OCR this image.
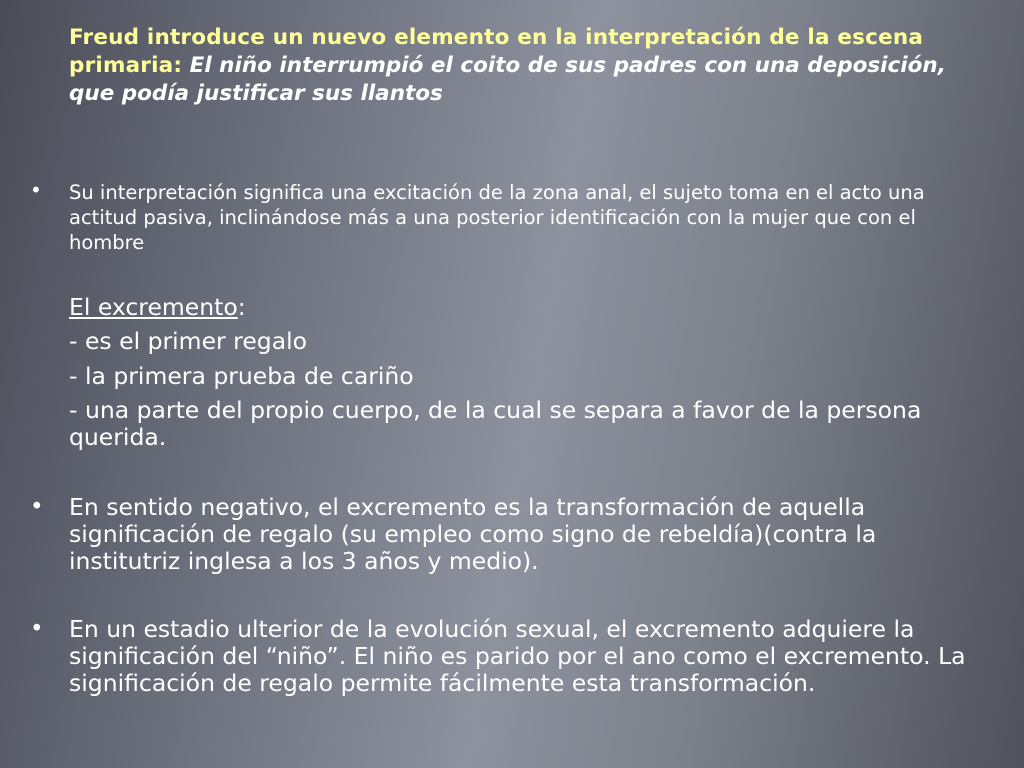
Freud introduce un nuevo elemento en la interpretación de la escena primaria: El niño interrumpió el coito de sus padres con una deposición, que podía justificar sus llantos

• Su interpretación significa una excitación de la zona anal, el sujeto toma en el acto una actitud pasiva, inclinándose más a una posterior identificación con la mujer que con el hombre

El excremento:

- es el primer regalo

- la primera prueba de cariño

- una parte del propio cuerpo, de la cual se separa a favor de la persona querida.

• En sentido negativo, el excremento es la transformación de aquella significación de regalo (su empleo como signo de rebeldía)(contra la institutriz inglesa a los 3 años y medio).

• En un estadio ulterior de la evolución sexual, el excremento adquiere la significación del “niño”. El niño es parido por el ano como el excremento. La significación de regalo permite fácilmente esta transformación.
